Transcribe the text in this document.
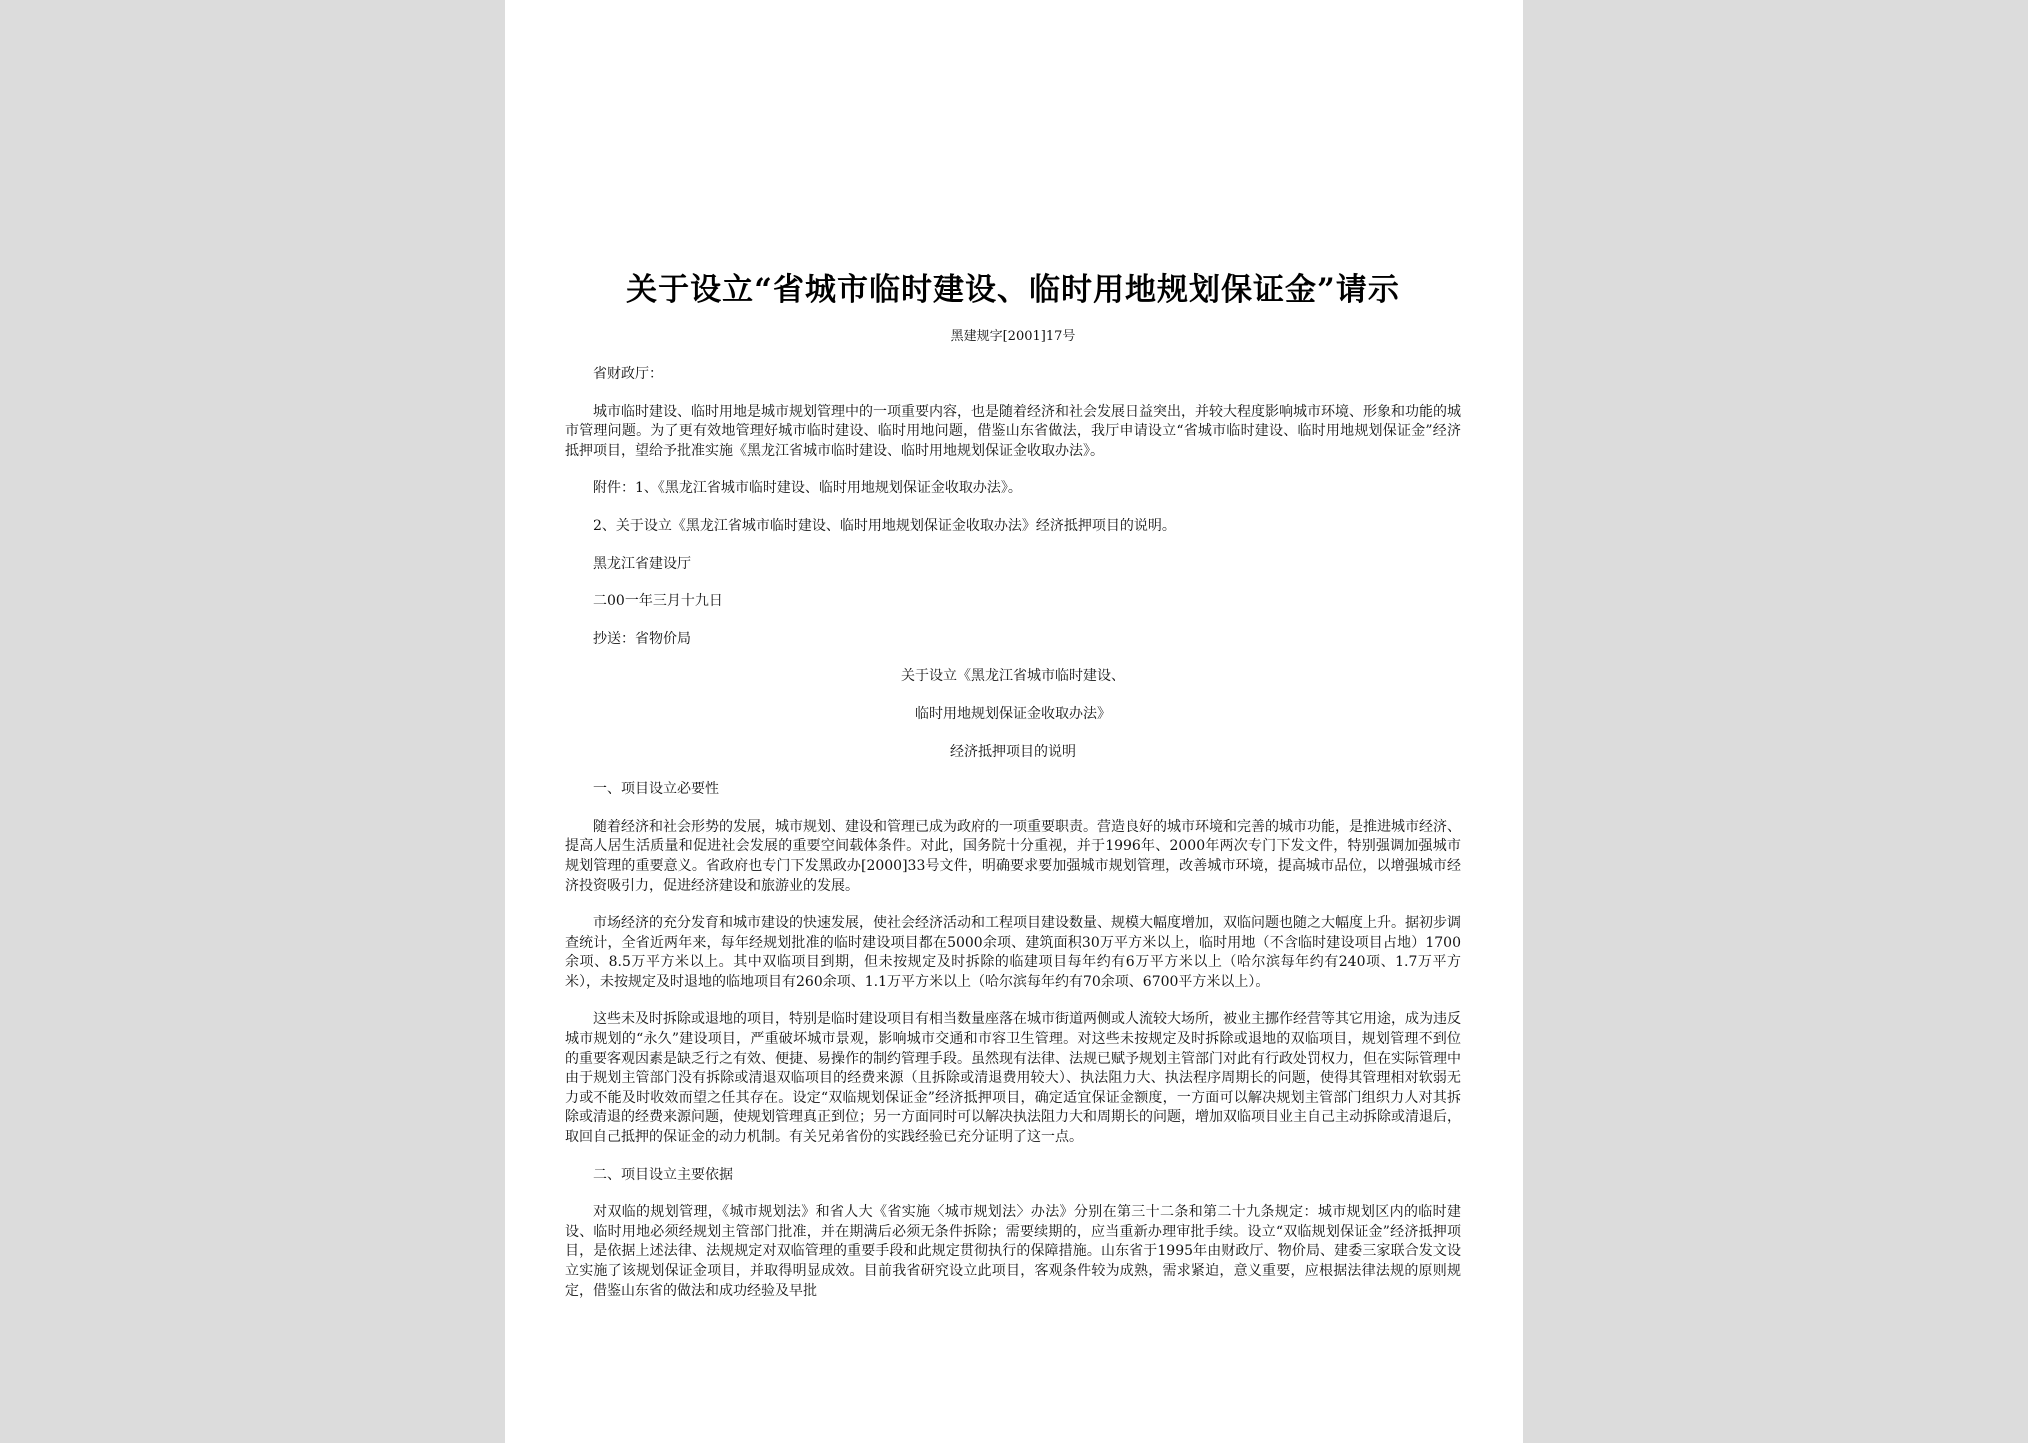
关于设立“省城市临时建设、临时用地规划保证金”请示
黑建规字[2001]17号

省财政厅：

城市临时建设、临时用地是城市规划管理中的一项重要内容，也是随着经济和社会发展日益突出，并较大程度影响城市环境、形象和功能的城市管理问题。为了更有效地管理好城市临时建设、临时用地问题，借鉴山东省做法，我厅申请设立“省城市临时建设、临时用地规划保证金”经济抵押项目，望给予批准实施《黑龙江省城市临时建设、临时用地规划保证金收取办法》。

附件：1、《黑龙江省城市临时建设、临时用地规划保证金收取办法》。

2、关于设立《黑龙江省城市临时建设、临时用地规划保证金收取办法》经济抵押项目的说明。

黑龙江省建设厅

二00一年三月十九日

抄送：省物价局

关于设立《黑龙江省城市临时建设、

临时用地规划保证金收取办法》

经济抵押项目的说明

一、项目设立必要性

随着经济和社会形势的发展，城市规划、建设和管理已成为政府的一项重要职责。营造良好的城市环境和完善的城市功能，是推进城市经济、提高人居生活质量和促进社会发展的重要空间载体条件。对此，国务院十分重视，并于1996年、2000年两次专门下发文件，特别强调加强城市规划管理的重要意义。省政府也专门下发黑政办[2000]33号文件，明确要求要加强城市规划管理，改善城市环境，提高城市品位，以增强城市经济投资吸引力，促进经济建设和旅游业的发展。

市场经济的充分发育和城市建设的快速发展，使社会经济活动和工程项目建设数量、规模大幅度增加，双临问题也随之大幅度上升。据初步调查统计，全省近两年来，每年经规划批准的临时建设项目都在5000余项、建筑面积30万平方米以上，临时用地（不含临时建设项目占地）1700余项、8.5万平方米以上。其中双临项目到期，但未按规定及时拆除的临建项目每年约有6万平方米以上（哈尔滨每年约有240项、1.7万平方米），未按规定及时退地的临地项目有260余项、1.1万平方米以上（哈尔滨每年约有70余项、6700平方米以上）。

这些未及时拆除或退地的项目，特别是临时建设项目有相当数量座落在城市街道两侧或人流较大场所，被业主挪作经营等其它用途，成为违反城市规划的“永久”建设项目，严重破坏城市景观，影响城市交通和市容卫生管理。对这些未按规定及时拆除或退地的双临项目，规划管理不到位的重要客观因素是缺乏行之有效、便捷、易操作的制约管理手段。虽然现有法律、法规已赋予规划主管部门对此有行政处罚权力，但在实际管理中由于规划主管部门没有拆除或清退双临项目的经费来源（且拆除或清退费用较大）、执法阻力大、执法程序周期长的问题，使得其管理相对软弱无力或不能及时收效而望之任其存在。设定“双临规划保证金”经济抵押项目，确定适宜保证金额度，一方面可以解决规划主管部门组织力人对其拆除或清退的经费来源问题，使规划管理真正到位；另一方面同时可以解决执法阻力大和周期长的问题，增加双临项目业主自己主动拆除或清退后，取回自己抵押的保证金的动力机制。有关兄弟省份的实践经验已充分证明了这一点。

二、项目设立主要依据

对双临的规划管理，《城市规划法》和省人大《省实施〈城市规划法〉办法》分别在第三十二条和第二十九条规定：城市规划区内的临时建设、临时用地必须经规划主管部门批准，并在期满后必须无条件拆除；需要续期的，应当重新办理审批手续。设立“双临规划保证金”经济抵押项目，是依据上述法律、法规规定对双临管理的重要手段和此规定贯彻执行的保障措施。山东省于1995年由财政厅、物价局、建委三家联合发文设立实施了该规划保证金项目，并取得明显成效。目前我省研究设立此项目，客观条件较为成熟，需求紧迫，意义重要，应根据法律法规的原则规定，借鉴山东省的做法和成功经验及早批
